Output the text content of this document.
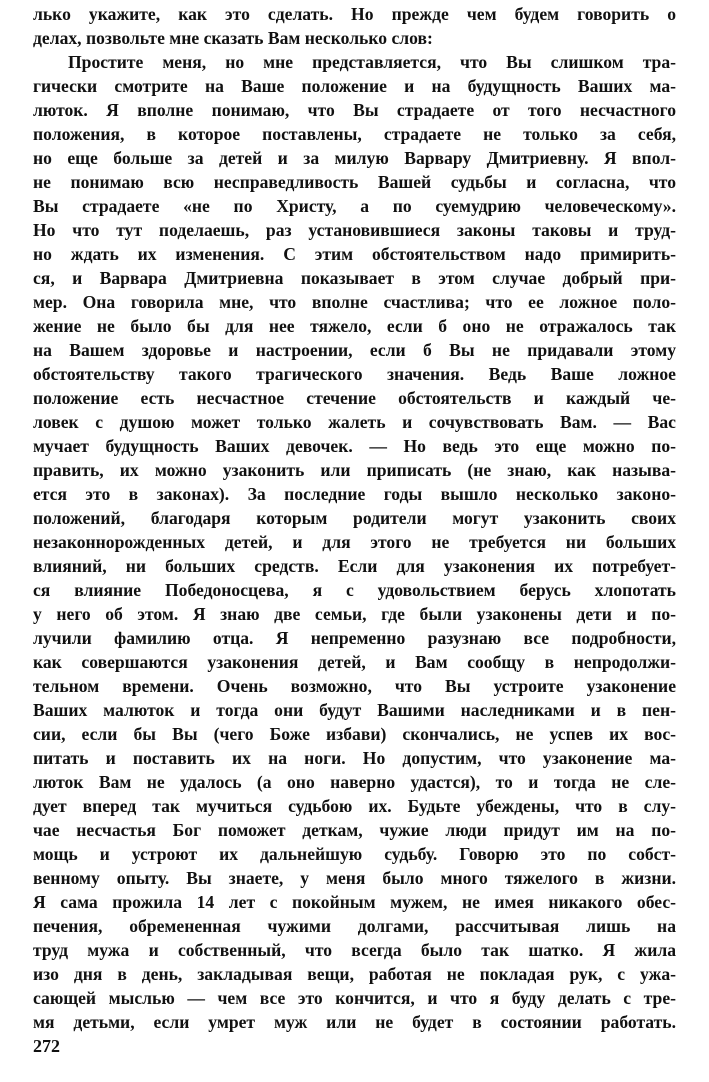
лько укажите, как это сделать. Но прежде чем будем говорить о
делах, позвольте мне сказать Вам несколько слов:
Простите меня, но мне представляется, что Вы слишком тра-
гически смотрите на Ваше положение и на будущность Ваших ма-
люток. Я вполне понимаю, что Вы страдаете от того несчастного
положения, в которое поставлены, страдаете не только за себя,
но еще больше за детей и за милую Варвару Дмитриевну. Я впол-
не понимаю всю несправедливость Вашей судьбы и согласна, что
Вы страдаете «не по Христу, а по суемудрию человеческому».
Но что тут поделаешь, раз установившиеся законы таковы и труд-
но ждать их изменения. С этим обстоятельством надо примирить-
ся, и Варвара Дмитриевна показывает в этом случае добрый при-
мер. Она говорила мне, что вполне счастлива; что ее ложное поло-
жение не было бы для нее тяжело, если б оно не отражалось так
на Вашем здоровье и настроении, если б Вы не придавали этому
обстоятельству такого трагического значения. Ведь Ваше ложное
положение есть несчастное стечение обстоятельств и каждый че-
ловек с душою может только жалеть и сочувствовать Вам. — Вас
мучает будущность Ваших девочек. — Но ведь это еще можно по-
править, их можно узаконить или приписать (не знаю, как называ-
ется это в законах). За последние годы вышло несколько законо-
положений, благодаря которым родители могут узаконить своих
незаконнорожденных детей, и для этого не требуется ни больших
влияний, ни больших средств. Если для узаконения их потребует-
ся влияние Победоносцева, я с удовольствием берусь хлопотать
у него об этом. Я знаю две семьи, где были узаконены дети и по-
лучили фамилию отца. Я непременно разузнаю все подробности,
как совершаются узаконения детей, и Вам сообщу в непродолжи-
тельном времени. Очень возможно, что Вы устроите узаконение
Ваших малюток и тогда они будут Вашими наследниками и в пен-
сии, если бы Вы (чего Боже избави) скончались, не успев их вос-
питать и поставить их на ноги. Но допустим, что узаконение ма-
люток Вам не удалось (а оно наверно удастся), то и тогда не сле-
дует вперед так мучиться судьбою их. Будьте убеждены, что в слу-
чае несчастья Бог поможет деткам, чужие люди придут им на по-
мощь и устроют их дальнейшую судьбу. Говорю это по собст-
венному опыту. Вы знаете, у меня было много тяжелого в жизни.
Я сама прожила 14 лет с покойным мужем, не имея никакого обес-
печения, обремененная чужими долгами, рассчитывая лишь на
труд мужа и собственный, что всегда было так шатко. Я жила
изо дня в день, закладывая вещи, работая не покладая рук, с ужа-
сающей мыслью — чем все это кончится, и что я буду делать с тре-
мя детьми, если умрет муж или не будет в состоянии работать.
272
